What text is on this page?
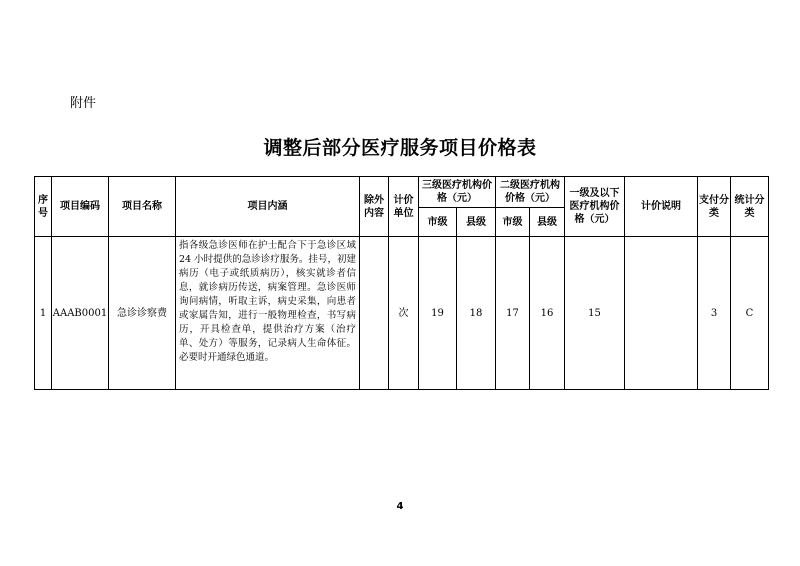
附件
调整后部分医疗服务项目价格表
序号	项目编码	项目名称	项目内涵	除外内容	计价单位	三级医疗机构价格（元）		二级医疗机构价格（元）		一级及以下医疗机构价格（元）	计价说明	支付分类	统计分类
						市级	县级	市级	县级				
1	AAAB0001	急诊诊察费	指各级急诊医师在护士配合下于急诊区域 24 小时提供的急诊诊疗服务。挂号，初建病历（电子或纸质病历），核实就诊者信息，就诊病历传送，病案管理。急诊医师询问病情，听取主诉，病史采集，向患者或家属告知，进行一般物理检查，书写病历，开具检查单，提供治疗方案（治疗单、处方）等服务，记录病人生命体征。必要时开通绿色通道。		次	19	18	17	16	15		3	C
4
